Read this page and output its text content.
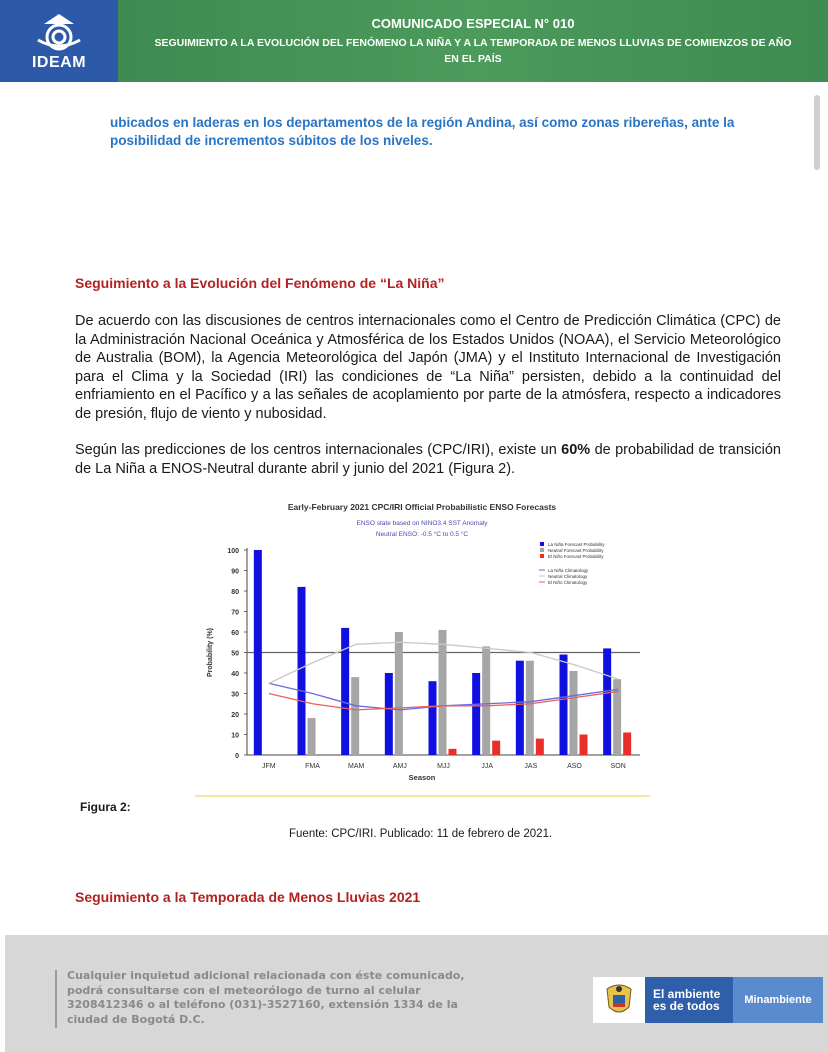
IDEAM
COMUNICADO ESPECIAL N° 010
SEGUIMIENTO A LA EVOLUCIÓN DEL FENÓMENO LA NIÑA Y A LA TEMPORADA DE MENOS LLUVIAS DE COMIENZOS DE AÑO EN EL PAÍS
ubicados en laderas en los departamentos de la región Andina, así como zonas ribereñas, ante la posibilidad de incrementos súbitos de los niveles.
Seguimiento a la Evolución del Fenómeno de “La Niña”
De acuerdo con las discusiones de centros internacionales como el Centro de Predicción Climática (CPC) de la Administración Nacional Oceánica y Atmosférica de los Estados Unidos (NOAA), el Servicio Meteorológico de Australia (BOM), la Agencia Meteorológica del Japón (JMA) y el Instituto Internacional de Investigación para el Clima y la Sociedad (IRI) las condiciones de “La Niña” persisten, debido a la continuidad del enfriamiento en el Pacífico y a las señales de acoplamiento por parte de la atmósfera, respecto a indicadores de presión, flujo de viento y nubosidad.
Según las predicciones de los centros internacionales (CPC/IRI), existe un 60% de probabilidad de transición de La Niña a ENOS-Neutral durante abril y junio del 2021 (Figura 2).
Early-February 2021 CPC/IRI Official Probabilistic ENSO Forecasts
ENSO state based on NINO3.4 SST Anomaly
Neutral ENSO: -0.5 °C to 0.5 °C
0
10
20
30
40
50
60
70
80
90
100
JFM	FMA	MAM	AMJ	MJJ	JJA	JAS	ASO	SON
Season
Probability (%)
La Niña Forecast Probability
Neutral Forecast Probability
El Niño Forecast Probability
La Niña Climatology
Neutral Climatology
El Niño Climatology
Figura 2:
Fuente: CPC/IRI. Publicado: 11 de febrero de 2021.
Seguimiento a la Temporada de Menos Lluvias 2021
Cualquier inquietud adicional relacionada con éste comunicado, podrá consultarse con el meteorólogo de turno al celular 3208412346 o al teléfono (031)-3527160, extensión 1334 de la ciudad de Bogotá D.C.
El ambiente
es de todos	Minambiente
